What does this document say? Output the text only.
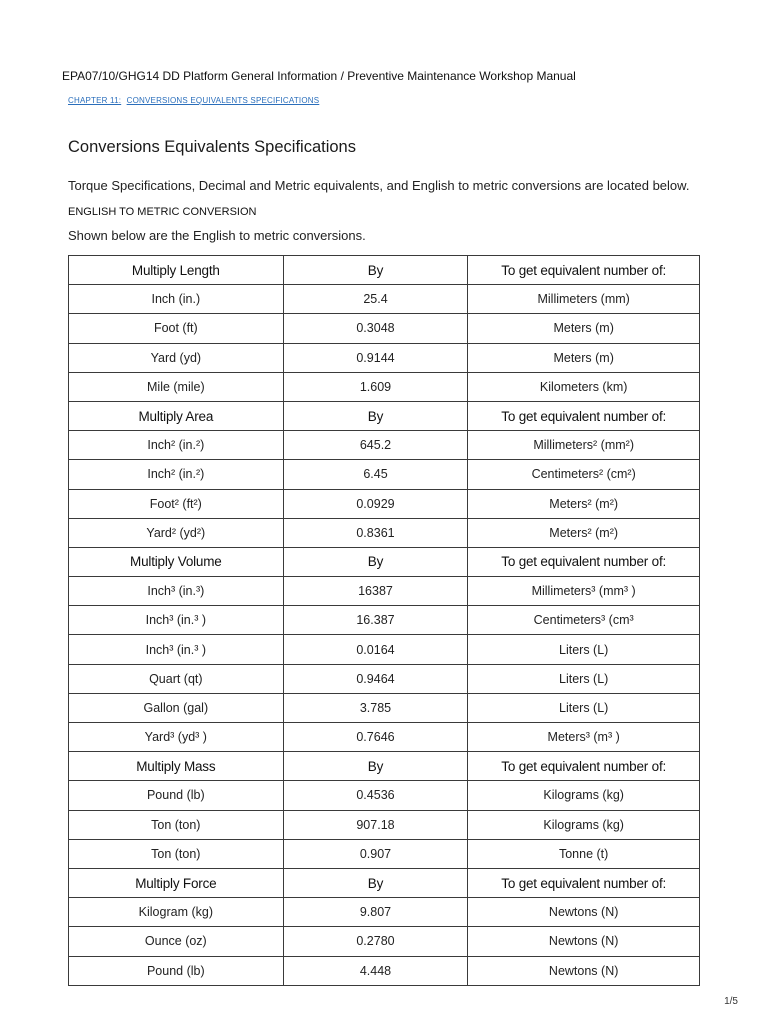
EPA07/10/GHG14 DD Platform General Information / Preventive Maintenance Workshop Manual
CHAPTER 11: CONVERSIONS EQUIVALENTS SPECIFICATIONS
Conversions Equivalents Specifications
Torque Specifications, Decimal and Metric equivalents, and English to metric conversions are located below.
ENGLISH TO METRIC CONVERSION
Shown below are the English to metric conversions.
Multiply Length	By	To get equivalent number of:
Inch (in.)	25.4	Millimeters (mm)
Foot (ft)	0.3048	Meters (m)
Yard (yd)	0.9144	Meters (m)
Mile (mile)	1.609	Kilometers (km)
Multiply Area	By	To get equivalent number of:
Inch² (in.²)	645.2	Millimeters² (mm²)
Inch² (in.²)	6.45	Centimeters² (cm²)
Foot² (ft²)	0.0929	Meters² (m²)
Yard² (yd²)	0.8361	Meters² (m²)
Multiply Volume	By	To get equivalent number of:
Inch³ (in.³)	16387	Millimeters³ (mm³ )
Inch³ (in.³ )	16.387	Centimeters³ (cm³
Inch³ (in.³ )	0.0164	Liters (L)
Quart (qt)	0.9464	Liters (L)
Gallon (gal)	3.785	Liters (L)
Yard³ (yd³ )	0.7646	Meters³ (m³ )
Multiply Mass	By	To get equivalent number of:
Pound (lb)	0.4536	Kilograms (kg)
Ton (ton)	907.18	Kilograms (kg)
Ton (ton)	0.907	Tonne (t)
Multiply Force	By	To get equivalent number of:
Kilogram (kg)	9.807	Newtons (N)
Ounce (oz)	0.2780	Newtons (N)
Pound (lb)	4.448	Newtons (N)
1/5
